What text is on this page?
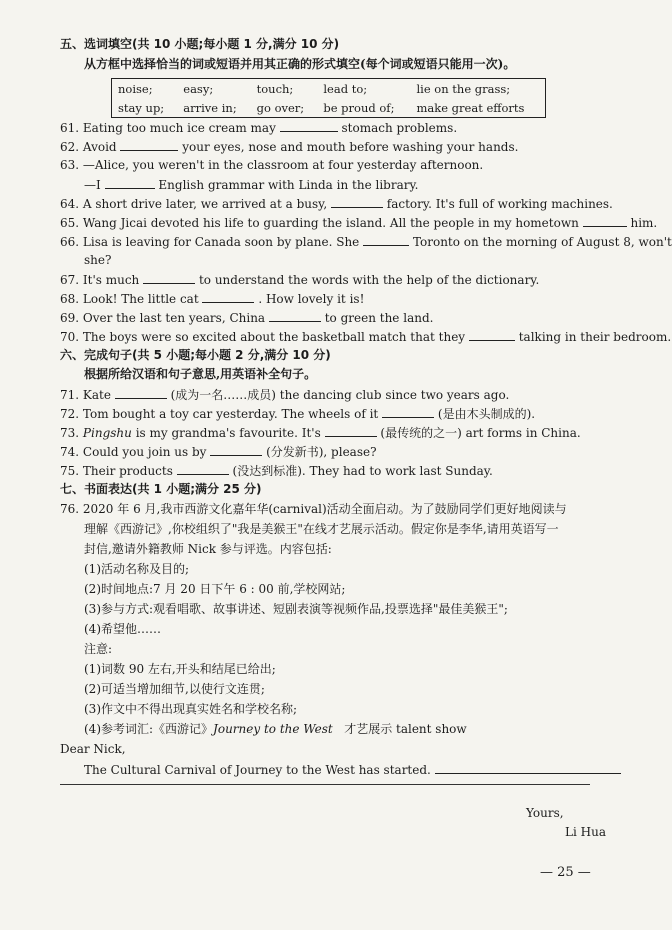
五、选词填空(共 10 小题;每小题 1 分,满分 10 分)
从方框中选择恰当的词或短语并用其正确的形式填空(每个词或短语只能用一次)。
noise;	easy;	touch;	lead to;	lie on the grass;
stay up;	arrive in;	go over;	be proud of;	make great efforts
61. Eating too much ice cream may	stomach problems.
62. Avoid	your eyes, nose and mouth before washing your hands.
63. —Alice, you weren't in the classroom at four yesterday afternoon.
—I	English grammar with Linda in the library.
64. A short drive later, we arrived at a busy,	factory. It's full of working machines.
65. Wang Jicai devoted his life to guarding the island. All the people in my hometown	him.
66. Lisa is leaving for Canada soon by plane. She	Toronto on the morning of August 8, won't
she?
67. It's much	to understand the words with the help of the dictionary.
68. Look! The little cat	. How lovely it is!
69. Over the last ten years, China	to green the land.
70. The boys were so excited about the basketball match that they	talking in their bedroom.
六、完成句子(共 5 小题;每小题 2 分,满分 10 分)
根据所给汉语和句子意思,用英语补全句子。
71. Kate	(成为一名……成员) the dancing club since two years ago.
72. Tom bought a toy car yesterday. The wheels of it	(是由木头制成的).
73. Pingshu is my grandma's favourite. It's	(最传统的之一) art forms in China.
74. Could you join us by	(分发新书), please?
75. Their products	(没达到标准). They had to work last Sunday.
七、书面表达(共 1 小题;满分 25 分)
76. 2020 年 6 月,我市西游文化嘉年华(carnival)活动全面启动。为了鼓励同学们更好地阅读与
理解《西游记》,你校组织了"我是美猴王"在线才艺展示活动。假定你是李华,请用英语写一
封信,邀请外籍教师 Nick 参与评选。内容包括:
(1)活动名称及目的;
(2)时间地点:7 月 20 日下午 6 : 00 前,学校网站;
(3)参与方式:观看唱歌、故事讲述、短剧表演等视频作品,投票选择"最佳美猴王";
(4)希望他……
注意:
(1)词数 90 左右,开头和结尾已给出;
(2)可适当增加细节,以使行文连贯;
(3)作文中不得出现真实姓名和学校名称;
(4)参考词汇:《西游记》Journey to the West 才艺展示 talent show
Dear Nick,
The Cultural Carnival of Journey to the West has started.
Yours,
Li Hua
— 25 —
